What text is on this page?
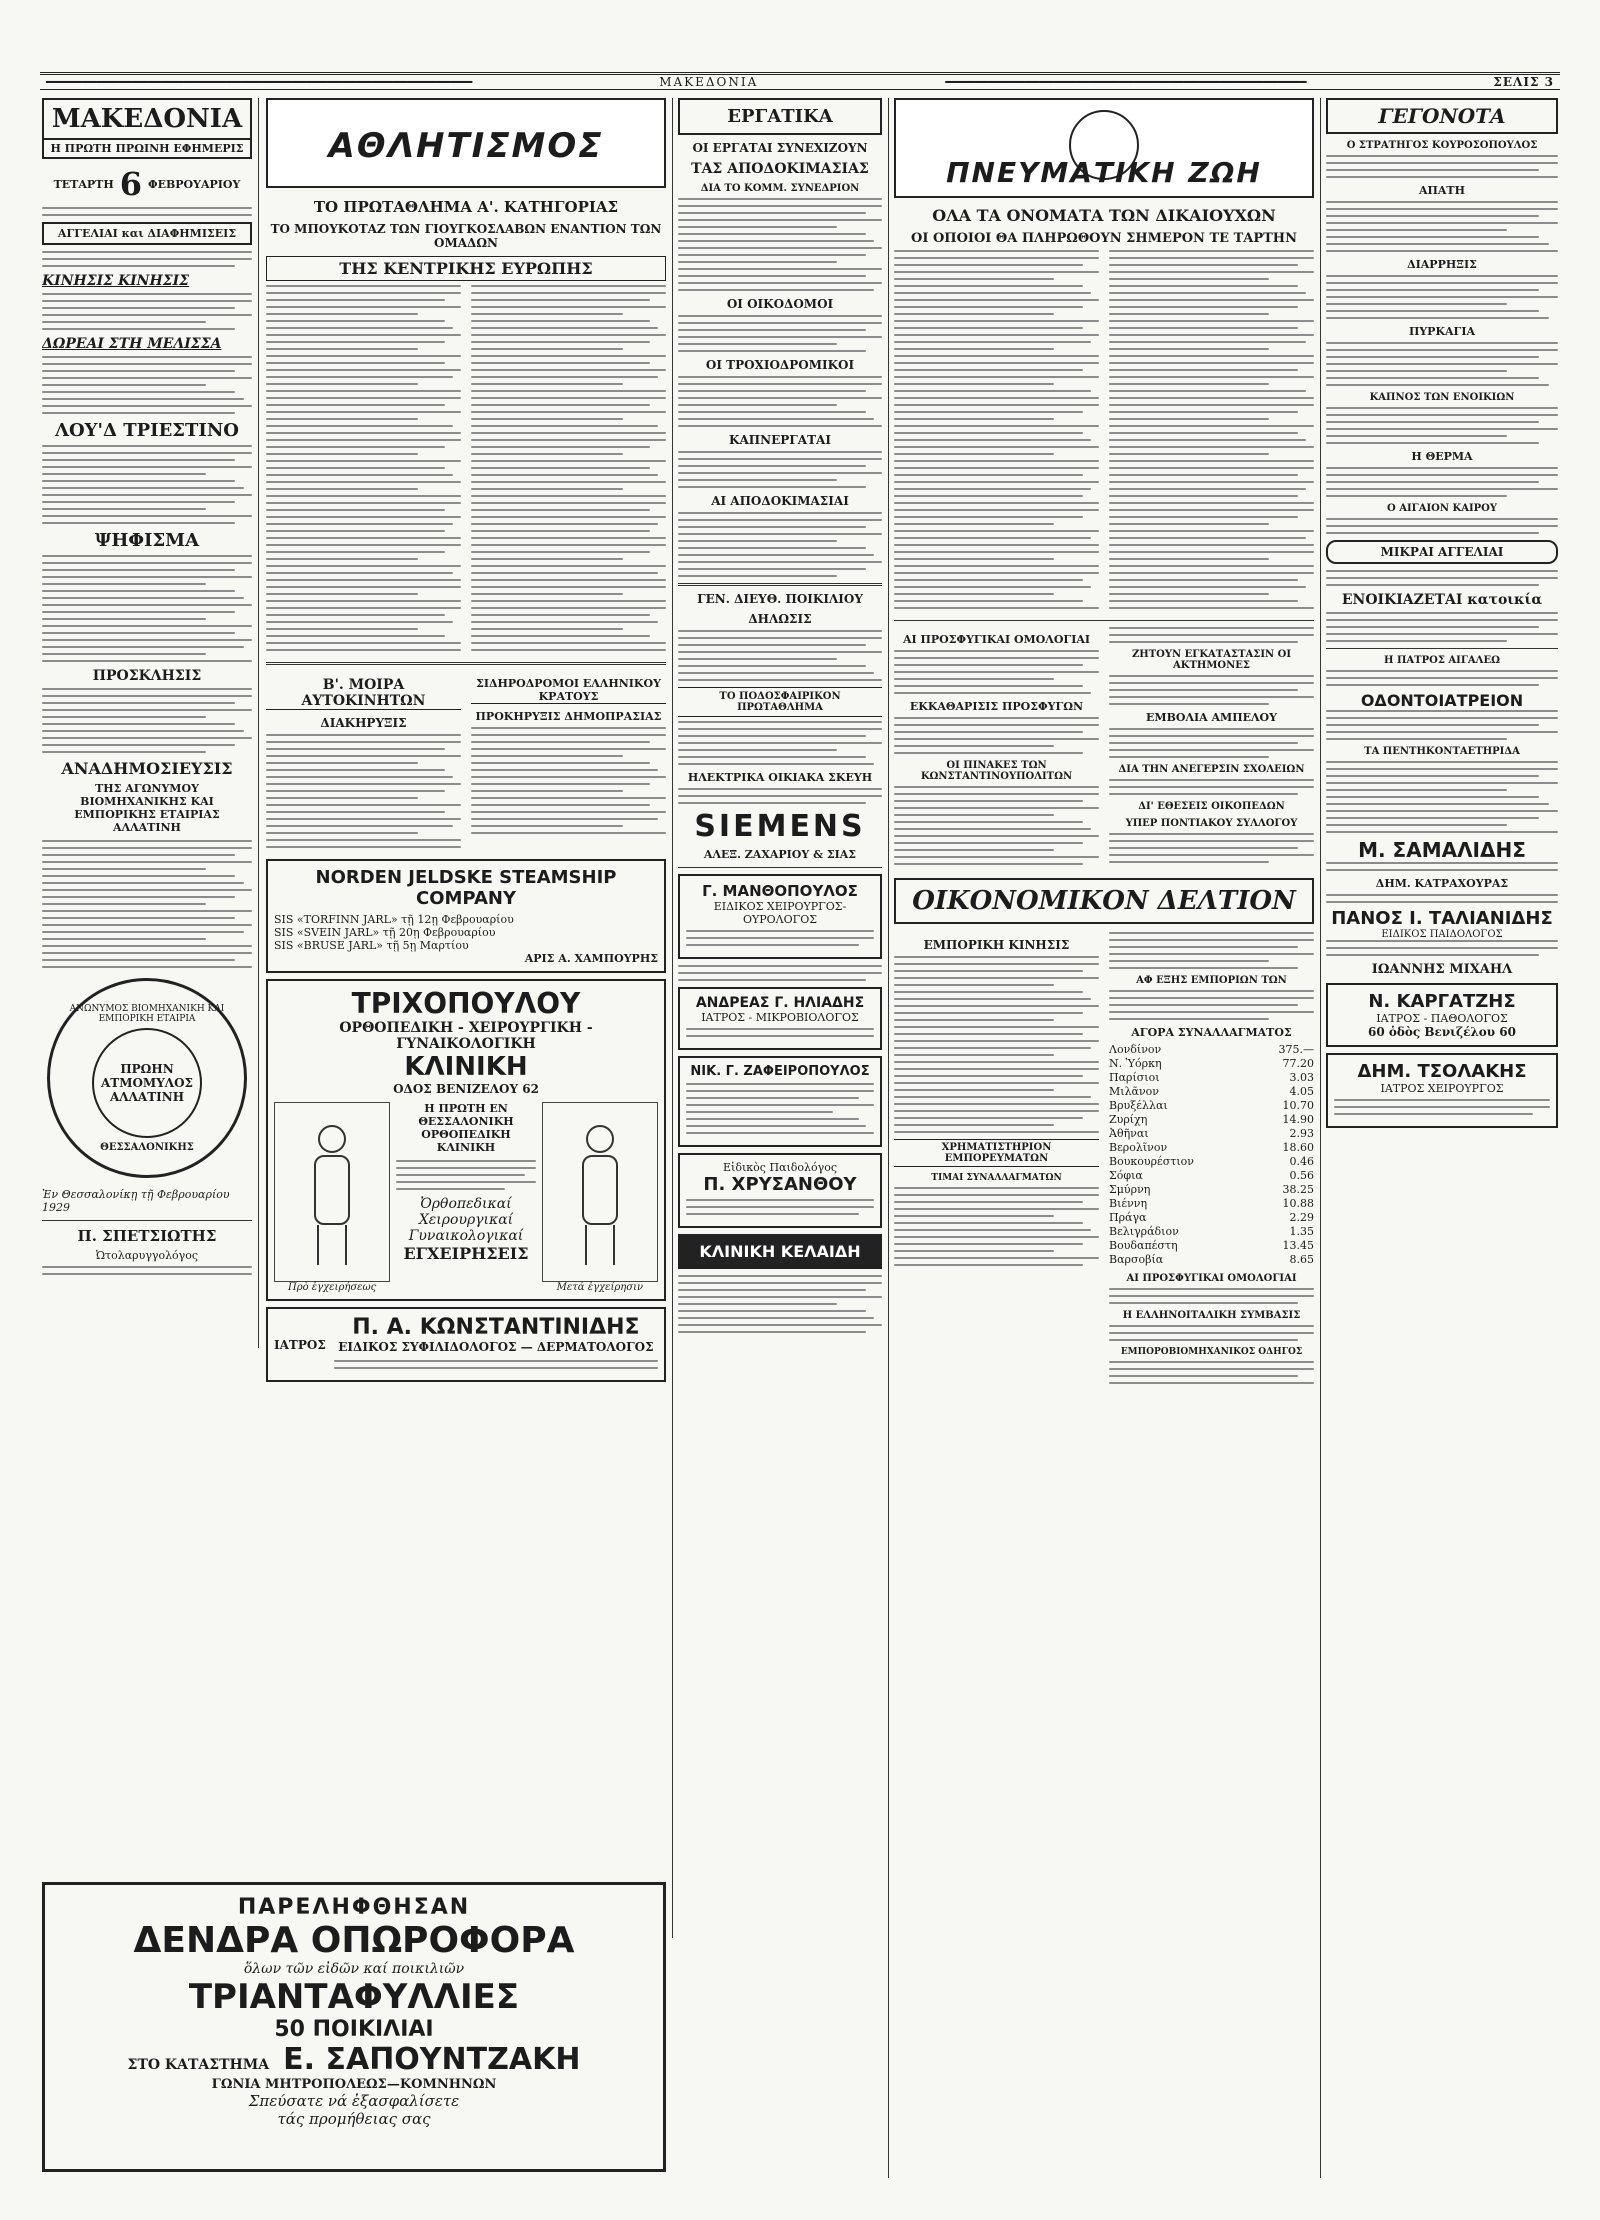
━━━━━━━━━━━━━━━━━━━━━━━━━━━━━━━━━━━━━━━━━━━━━━━━━━━━━━━━━━━	ΜΑΚΕΔΟΝΙΑ	━━━━━━━━━━━━━━━━━━━━━━━━━━━━━━━━━━━━━━━━━━━━━━━━━━	ΣΕΛΙΣ 3
ΜΑΚΕΔΟΝΙΑ
Η ΠΡΩΤΗ ΠΡΩΙΝΗ ΕΦΗΜΕΡΙΣ
ΤΕΤΑΡΤΗ 6 ΦΕΒΡΟΥΑΡΙΟΥ
ΑΓΓΕΛΙΑΙ και ΔΙΑΦΗΜΙΣΕΙΣ
ΚΙΝΗΣΙΣ ΚΙΝΗΣΙΣ
ΔΩΡΕΑΙ ΣΤΗ ΜΕΛΙΣΣΑ
ΛΟΥ'Δ ΤΡΙΕΣΤΙΝΟ
ΨΗΦΙΣΜΑ
ΠΡΟΣΚΛΗΣΙΣ
ΑΝΑΔΗΜΟΣΙΕΥΣΙΣ
ΤΗΣ ΑΓΩΝΥΜΟΥ ΒΙΟΜΗΧΑΝΙΚΗΣ ΚΑΙ ΕΜΠΟΡΙΚΗΣ ΕΤΑΙΡΙΑΣ ΑΛΛΑΤΙΝΗ
ΑΝΩΝΥΜΟΣ ΒΙΟΜΗΧΑΝΙΚΗ ΚΑΙ ΕΜΠΟΡΙΚΗ ΕΤΑΙΡΙΑ
ΠΡΩΗΝ ΑΤΜΟΜΥΛΟΣ ΑΛΛΑΤΙΝΗ
ΘΕΣΣΑΛΟΝΙΚΗΣ
Ἐν Θεσσαλονίκῃ τῇ Φεβρουαρίου 1929
Π. ΣΠΕΤΣΙΩΤΗΣ
Ὠτολαρυγγολόγος
ΑΘΛΗΤΙΣΜΟΣ
ΤΟ ΠΡΩΤΑΘΛΗΜΑ Α'. ΚΑΤΗΓΟΡΙΑΣ
ΤΟ ΜΠΟΥΚΟΤΑΖ ΤΩΝ ΓΙΟΥΓΚΟΣΛΑΒΩΝ ΕΝΑΝΤΙΟΝ ΤΩΝ ΟΜΑΔΩΝ
ΤΗΣ ΚΕΝΤΡΙΚΗΣ ΕΥΡΩΠΗΣ
Β'. ΜΟΙΡΑ ΑΥΤΟΚΙΝΗΤΩΝ
ΔΙΑΚΗΡΥΞΙΣ
ΣΙΔΗΡΟΔΡΟΜΟΙ ΕΛΛΗΝΙΚΟΥ ΚΡΑΤΟΥΣ
ΠΡΟΚΗΡΥΞΙΣ ΔΗΜΟΠΡΑΣΙΑΣ
NORDEN JELDSKE STEAMSHIP
COMPANY
SIS «TORFINN JARL» τῇ 12ῃ Φεβρουαρίου
SIS «SVEIN JARL» τῇ 20ῃ Φεβρουαρίου
SIS «BRUSE JARL» τῇ 5ῃ Μαρτίου
ΑΡΙΣ Α. ΧΑΜΠΟΥΡΗΣ
ΤΡΙΧΟΠΟΥΛΟΥ
ΟΡΘΟΠΕΔΙΚΗ - ΧΕΙΡΟΥΡΓΙΚΗ - ΓΥΝΑΙΚΟΛΟΓΙΚΗ
ΚΛΙΝΙΚΗ
ΟΔΟΣ ΒΕΝΙΖΕΛΟΥ 62
Πρὸ ἐγχειρήσεως
Η ΠΡΩΤΗ ΕΝ ΘΕΣΣΑΛΟΝΙΚΗ ΟΡΘΟΠΕΔΙΚΗ ΚΛΙΝΙΚΗ
Ὀρθοπεδικαί
Χειρουργικαί
Γυναικολογικαί
ΕΓΧΕΙΡΗΣΕΙΣ
Μετά ἐγχείρησιν
ΙΑΤΡΟΣ
Π. Α. ΚΩΝΣΤΑΝΤΙΝΙΔΗΣ
ΕΙΔΙΚΟΣ ΣΥΦΙΛΙΔΟΛΟΓΟΣ — ΔΕΡΜΑΤΟΛΟΓΟΣ
ΕΡΓΑΤΙΚΑ
ΟΙ ΕΡΓΑΤΑΙ ΣΥΝΕΧΙΖΟΥΝ
ΤΑΣ ΑΠΟΔΟΚΙΜΑΣΙΑΣ
ΔΙΑ ΤΟ ΚΟΜΜ. ΣΥΝΕΔΡΙΟΝ
ΟΙ ΟΙΚΟΔΟΜΟΙ
ΟΙ ΤΡΟΧΙΟΔΡΟΜΙΚΟΙ
ΚΑΠΝΕΡΓΑΤΑΙ
ΑΙ ΑΠΟΔΟΚΙΜΑΣΙΑΙ
ΓΕΝ. ΔΙΕΥΘ. ΠΟΙΚΙΛΙΟΥ
ΔΗΛΩΣΙΣ
ΤΟ ΠΟΔΟΣΦΑΙΡΙΚΟΝ ΠΡΩΤΑΘΛΗΜΑ
ΗΛΕΚΤΡΙΚΑ ΟΙΚΙΑΚΑ ΣΚΕΥΗ
SIEMENS
ΑΛΕΞ. ΖΑΧΑΡΙΟΥ & ΣΙΑΣ
Γ. ΜΑΝΘΟΠΟΥΛΟΣ
ΕΙΔΙΚΟΣ ΧΕΙΡΟΥΡΓΟΣ-ΟΥΡΟΛΟΓΟΣ
ΑΝΔΡΕΑΣ Γ. ΗΛΙΑΔΗΣ
ΙΑΤΡΟΣ - ΜΙΚΡΟΒΙΟΛΟΓΟΣ
ΝΙΚ. Γ. ΖΑΦΕΙΡΟΠΟΥΛΟΣ
Εἰδικὸς Παιδολόγος
Π. ΧΡΥΣΑΝΘΟΥ
ΚΛΙΝΙΚΗ ΚΕΛΑΙΔΗ
ΠΝΕΥΜΑΤΙΚΗ ΖΩΗ
ΟΛΑ ΤΑ ΟΝΟΜΑΤΑ ΤΩΝ ΔΙΚΑΙΟΥΧΩΝ
ΟΙ ΟΠΟΙΟΙ ΘΑ ΠΛΗΡΩΘΟΥΝ ΣΗΜΕΡΟΝ ΤΕ ΤΑΡΤΗΝ
ΑΙ ΠΡΟΣΦΥΓΙΚΑΙ ΟΜΟΛΟΓΙΑΙ
ΕΚΚΑΘΑΡΙΣΙΣ ΠΡΟΣΦΥΓΩΝ
ΟΙ ΠΙΝΑΚΕΣ ΤΩΝ ΚΩΝΣΤΑΝΤΙΝΟΥΠΟΛΙΤΩΝ
ΖΗΤΟΥΝ ΕΓΚΑΤΑΣΤΑΣΙΝ ΟΙ ΑΚΤΗΜΟΝΕΣ
ΕΜΒΟΛΙΑ ΑΜΠΕΛΟΥ
ΔΙΑ ΤΗΝ ΑΝΕΓΕΡΣΙΝ ΣΧΟΛΕΙΩΝ
ΔΙ' ΕΘΕΣΕΙΣ ΟΙΚΟΠΕΔΩΝ
ΥΠΕΡ ΠΟΝΤΙΑΚΟΥ ΣΥΛΛΟΓΟΥ
ΟΙΚΟΝΟΜΙΚΟΝ ΔΕΛΤΙΟΝ
ΕΜΠΟΡΙΚΗ ΚΙΝΗΣΙΣ
ΧΡΗΜΑΤΙΣΤΗΡΙΟΝ ΕΜΠΟΡΕΥΜΑΤΩΝ
ΤΙΜΑΙ ΣΥΝΑΛΛΑΓΜΑΤΩΝ
ΑΦ ΕΞΗΣ ΕΜΠΟΡΙΩΝ ΤΩΝ
ΑΓΟΡΑ ΣΥΝΑΛΛΑΓΜΑΤΟΣ
Λονδίνον	375.—
Ν. Ὑόρκη	77.20
Παρίσιοι	3.03
Μιλᾶνον	4.05
Βρυξέλλαι	10.70
Ζυρίχη	14.90
Ἀθῆναι	2.93
Βερολῖνον	18.60
Βουκουρέστιον	0.46
Σόφια	0.56
Σμύρνη	38.25
Βιέννη	10.88
Πράγα	2.29
Βελιγράδιον	1.35
Βουδαπέστη	13.45
Βαρσοβία	8.65
ΑΙ ΠΡΟΣΦΥΓΙΚΑΙ ΟΜΟΛΟΓΙΑΙ
Η ΕΛΛΗΝΟΙΤΑΛΙΚΗ ΣΥΜΒΑΣΙΣ
ΕΜΠΟΡΟΒΙΟΜΗΧΑΝΙΚΟΣ ΟΔΗΓΟΣ
ΓΕΓΟΝΟΤΑ
Ο ΣΤΡΑΤΗΓΟΣ ΚΟΥΡΟΣΟΠΟΥΛΟΣ
ΑΠΑΤΗ
ΔΙΑΡΡΗΞΙΣ
ΠΥΡΚΑΓΙΑ
ΚΑΠΝΟΣ ΤΩΝ ΕΝΟΙΚΙΩΝ
Η ΘΕΡΜΑ
Ο ΑΙΓΑΙΟΝ ΚΑΙΡΟΥ
ΜΙΚΡΑΙ ΑΓΓΕΛΙΑΙ
ΕΝΟΙΚΙΑΖΕΤΑΙ κατοικία
Η ΠΑΤΡΟΣ ΑΙΓΑΛΕΩ
ΟΔΟΝΤΟΙΑΤΡΕΙΟΝ
ΤΑ ΠΕΝΤΗΚΟΝΤΑΕΤΗΡΙΔΑ
Μ. ΣΑΜΑΛΙΔΗΣ
ΔΗΜ. ΚΑΤΡΑΧΟΥΡΑΣ
ΠΑΝΟΣ Ι. ΤΑΛΙΑΝΙΔΗΣ
ΕΙΔΙΚΟΣ ΠΑΙΔΟΛΟΓΟΣ
ΙΩΑΝΝΗΣ ΜΙΧΑΗΛ
Ν. ΚΑΡΓΑΤΖΗΣ
ΙΑΤΡΟΣ - ΠΑΘΟΛΟΓΟΣ
60 ὁδὸς Βενιζέλου 60
ΔΗΜ. ΤΣΟΛΑΚΗΣ
ΙΑΤΡΟΣ ΧΕΙΡΟΥΡΓΟΣ
ΠΑΡΕΛΗΦΘΗΣΑΝ
ΔΕΝΔΡΑ ΟΠΩΡΟΦΟΡΑ
ὅλων τῶν εἰδῶν καί ποικιλιῶν
ΤΡΙΑΝΤΑΦΥΛΛΙΕΣ
50 ΠΟΙΚΙΛΙΑΙ
ΣΤΟ ΚΑΤΑΣΤΗΜΑ Ε. ΣΑΠΟΥΝΤΖΑΚΗ
ΓΩΝΙΑ ΜΗΤΡΟΠΟΛΕΩΣ—ΚΟΜΝΗΝΩΝ
Σπεύσατε νά ἐξασφαλίσετε
τάς προμήθειας σας
